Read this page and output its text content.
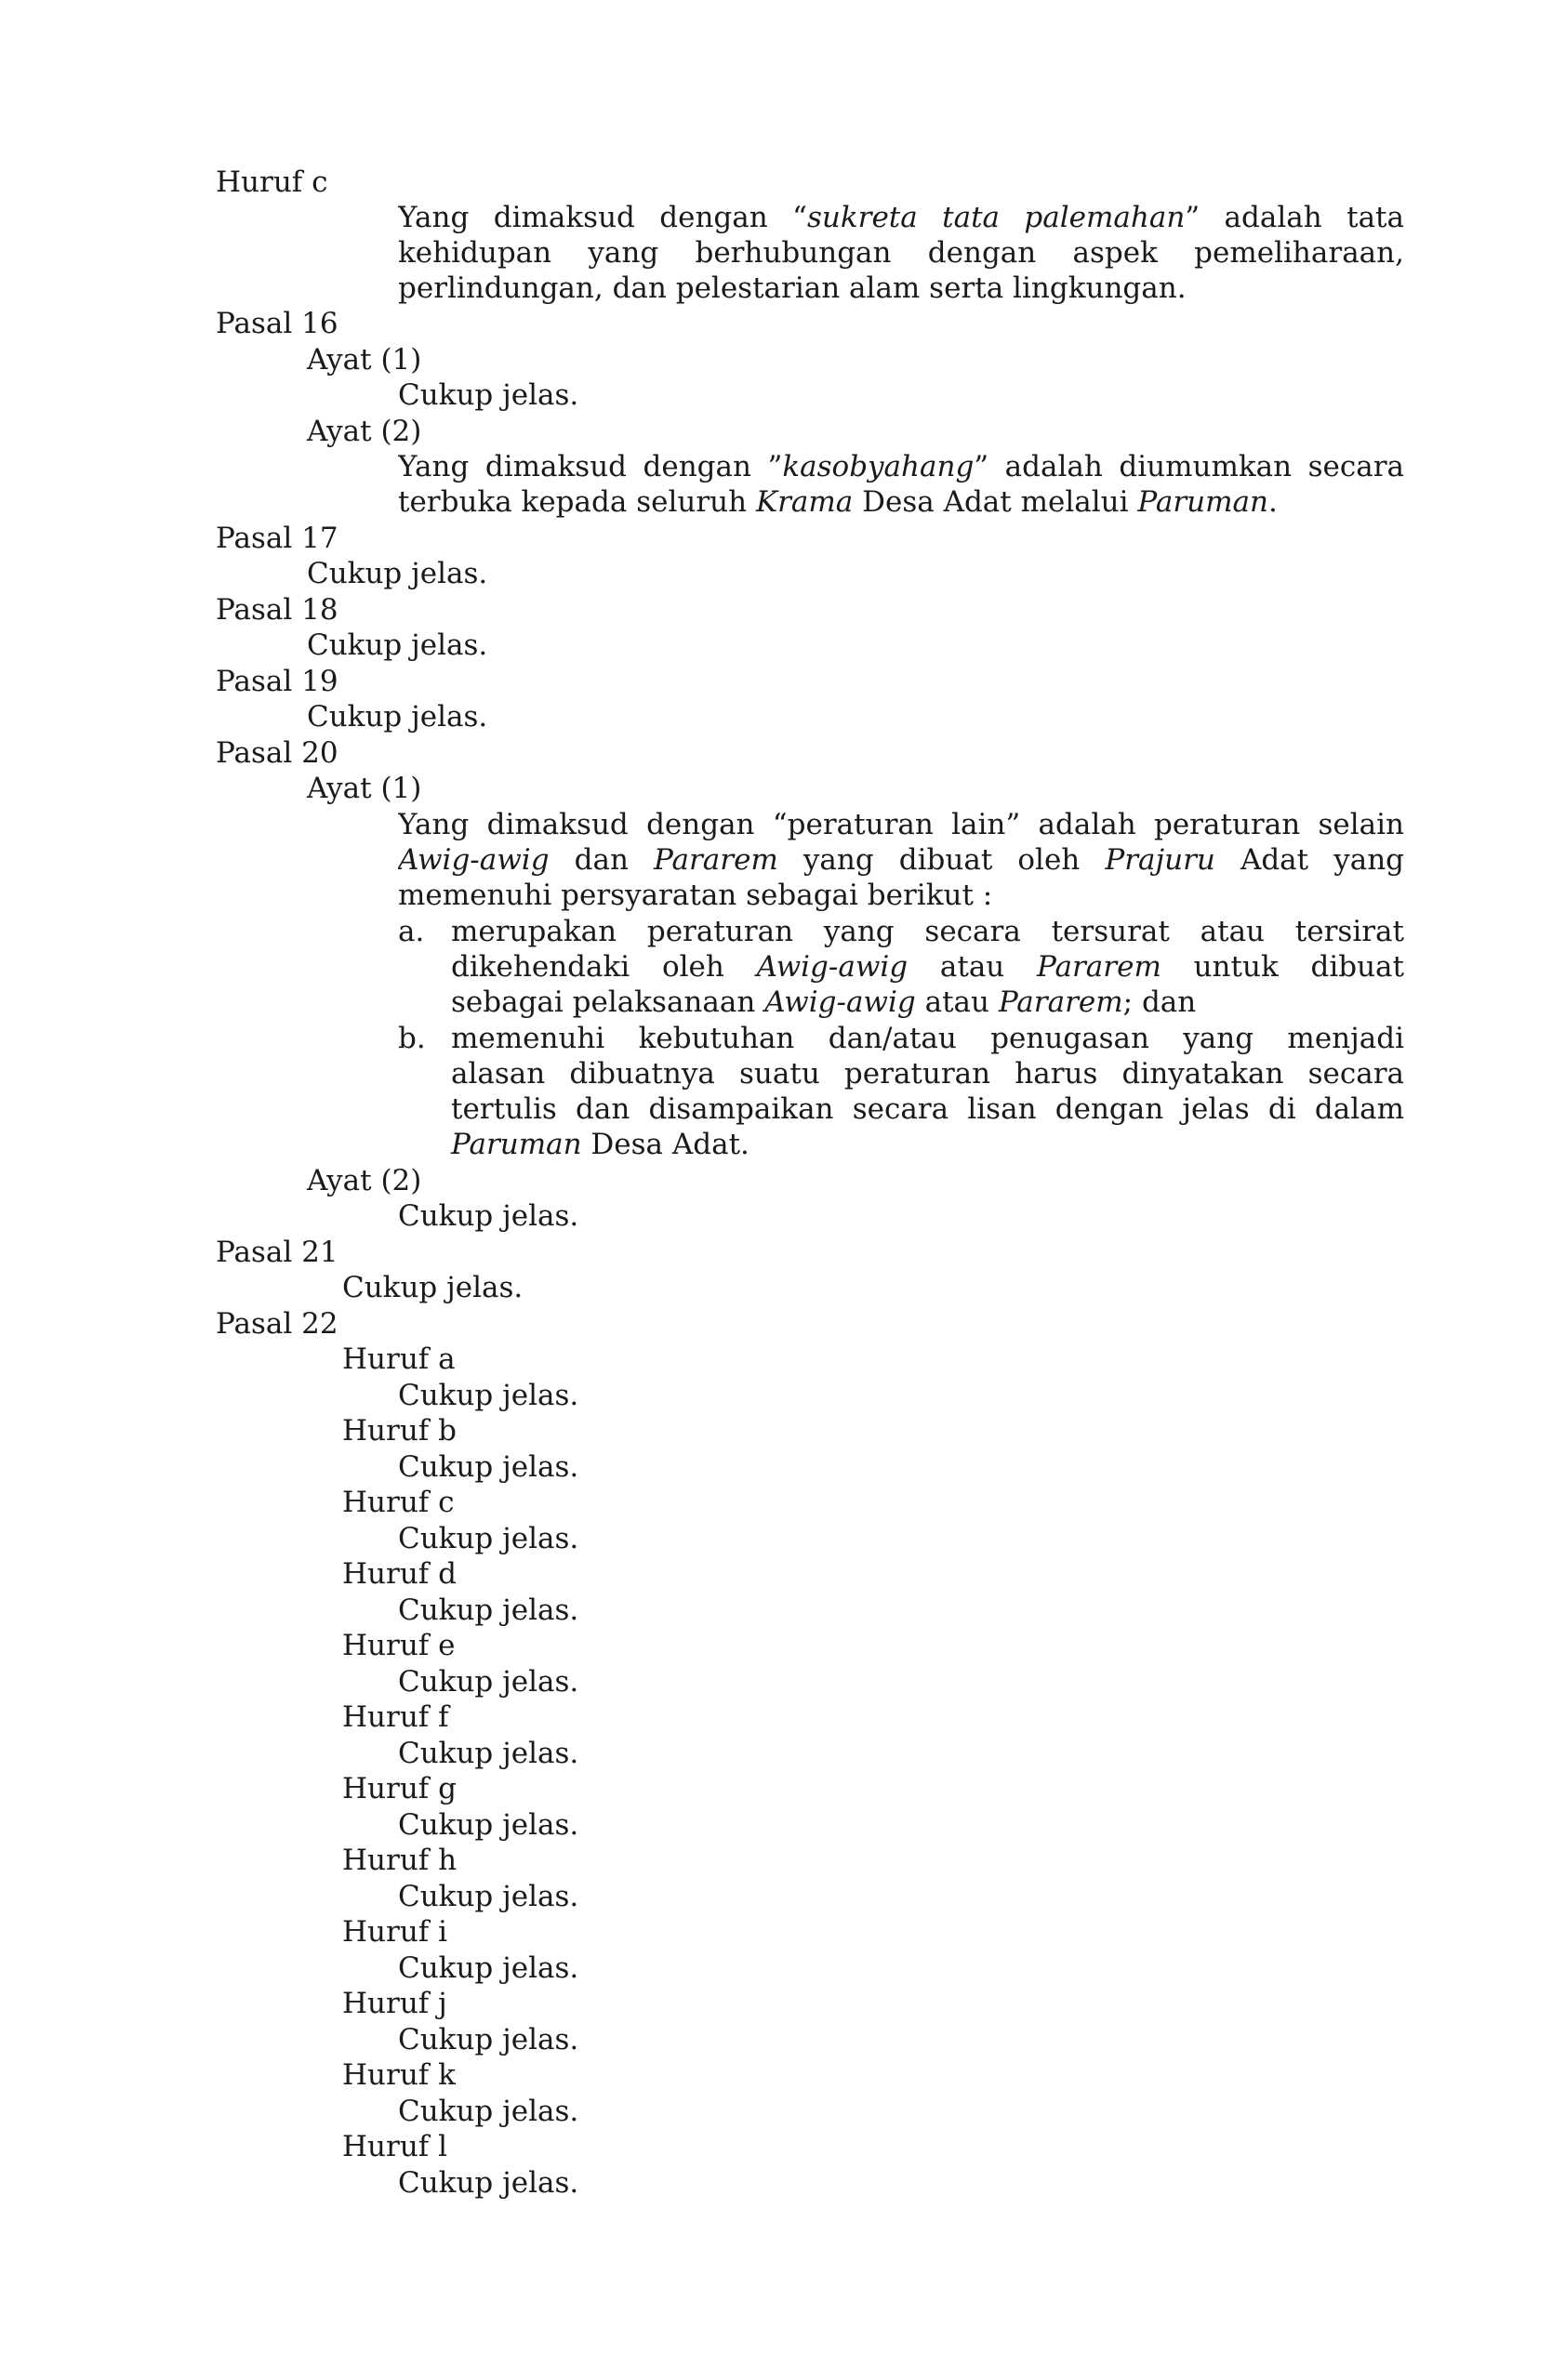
Huruf c
Yang dimaksud dengan “sukreta tata palemahan” adalah tata
kehidupan yang berhubungan dengan aspek pemeliharaan,
perlindungan, dan pelestarian alam serta lingkungan.
Pasal 16
Ayat (1)
Cukup jelas.
Ayat (2)
Yang dimaksud dengan ”kasobyahang” adalah diumumkan secara
terbuka kepada seluruh Krama Desa Adat melalui Paruman.
Pasal 17
Cukup jelas.
Pasal 18
Cukup jelas.
Pasal 19
Cukup jelas.
Pasal 20
Ayat (1)
Yang dimaksud dengan “peraturan lain” adalah peraturan selain
Awig-awig dan Pararem yang dibuat oleh Prajuru Adat yang
memenuhi persyaratan sebagai berikut :
a. merupakan peraturan yang secara tersurat atau tersirat
dikehendaki oleh Awig-awig atau Pararem untuk dibuat
sebagai pelaksanaan Awig-awig atau Pararem; dan
b. memenuhi kebutuhan dan/atau penugasan yang menjadi
alasan dibuatnya suatu peraturan harus dinyatakan secara
tertulis dan disampaikan secara lisan dengan jelas di dalam
Paruman Desa Adat.
Ayat (2)
Cukup jelas.
Pasal 21
Cukup jelas.
Pasal 22
Huruf a
Cukup jelas.
Huruf b
Cukup jelas.
Huruf c
Cukup jelas.
Huruf d
Cukup jelas.
Huruf e
Cukup jelas.
Huruf f
Cukup jelas.
Huruf g
Cukup jelas.
Huruf h
Cukup jelas.
Huruf i
Cukup jelas.
Huruf j
Cukup jelas.
Huruf k
Cukup jelas.
Huruf l
Cukup jelas.
